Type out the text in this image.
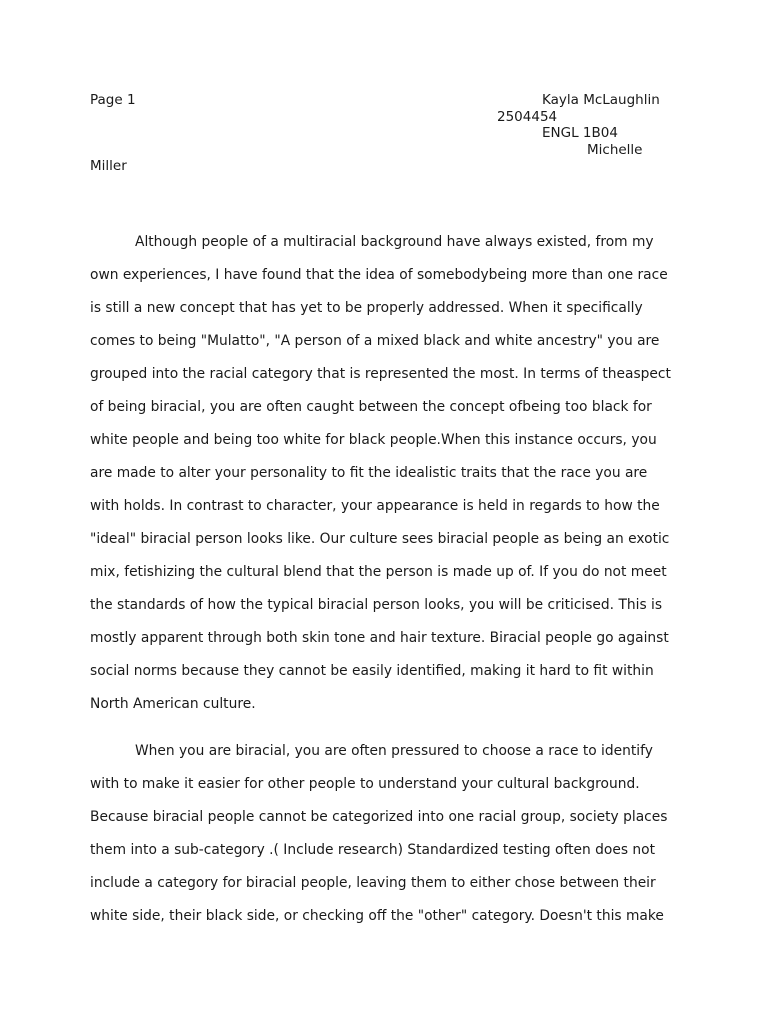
Page 1	Kayla McLaughlin
2504454
ENGL 1B04
Michelle
Miller
Although people of a multiracial background have always existed, from my
own experiences, I have found that the idea of somebodybeing more than one race
is still a new concept that has yet to be properly addressed. When it specifically
comes to being "Mulatto", "A person of a mixed black and white ancestry" you are
grouped into the racial category that is represented the most. In terms of theaspect
of being biracial, you are often caught between the concept ofbeing too black for
white people and being too white for black people.When this instance occurs, you
are made to alter your personality to fit the idealistic traits that the race you are
with holds. In contrast to character, your appearance is held in regards to how the
"ideal" biracial person looks like. Our culture sees biracial people as being an exotic
mix, fetishizing the cultural blend that the person is made up of. If you do not meet
the standards of how the typical biracial person looks, you will be criticised. This is
mostly apparent through both skin tone and hair texture. Biracial people go against
social norms because they cannot be easily identified, making it hard to fit within
North American culture.
When you are biracial, you are often pressured to choose a race to identify
with to make it easier for other people to understand your cultural background.
Because biracial people cannot be categorized into one racial group, society places
them into a sub-category .( Include research) Standardized testing often does not
include a category for biracial people, leaving them to either chose between their
white side, their black side, or checking off the "other" category. Doesn't this make
